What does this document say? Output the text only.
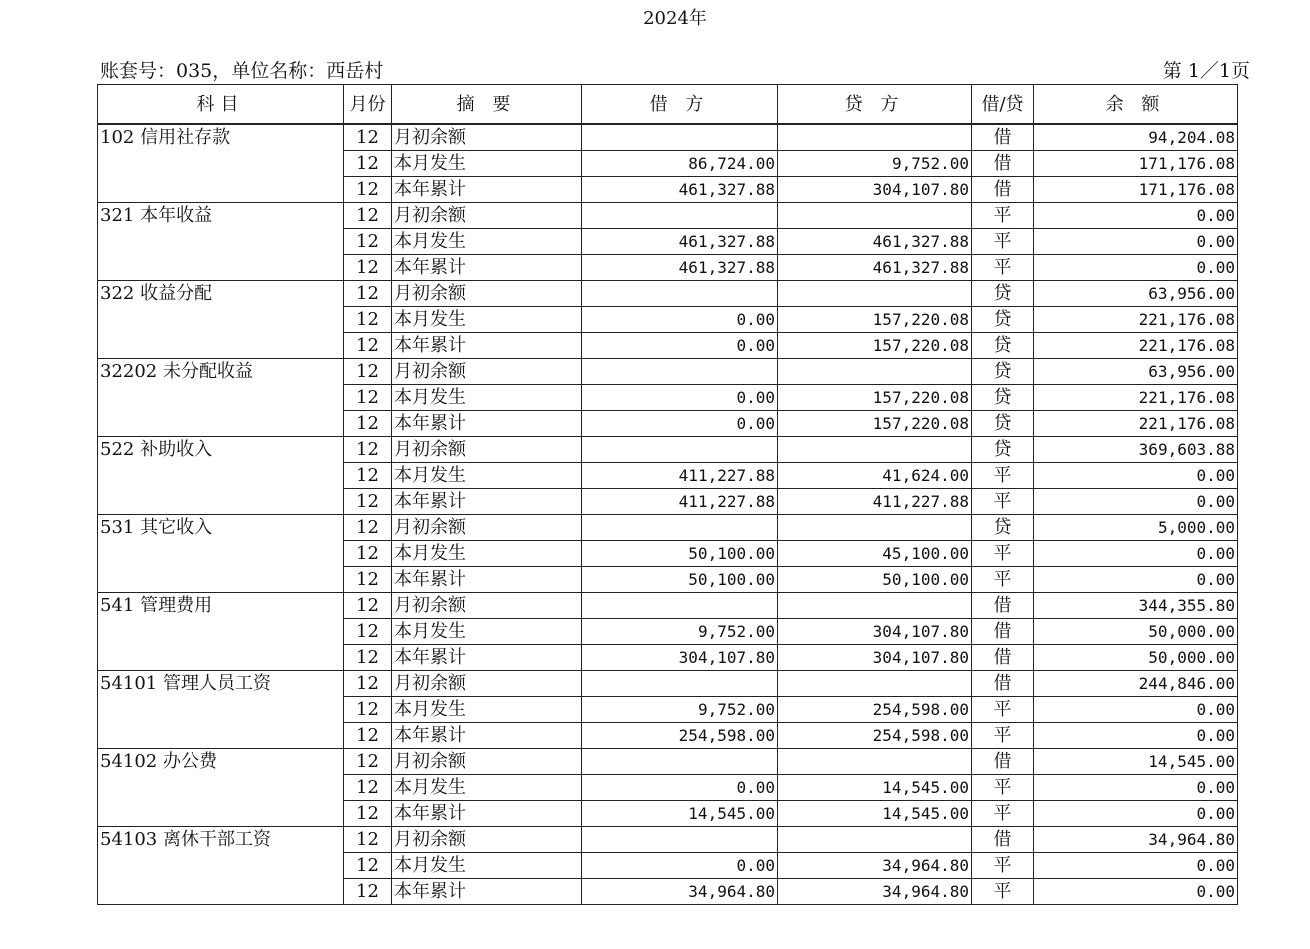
2024年
账套号：035，单位名称：西岳村	第 1／1页
科目	月份	摘 要	借 方	贷 方	借/贷	余 额
102 信用社存款	12	月初余额			借	94,204.08
	12	本月发生	86,724.00	9,752.00	借	171,176.08
	12	本年累计	461,327.88	304,107.80	借	171,176.08
321 本年收益	12	月初余额			平	0.00
	12	本月发生	461,327.88	461,327.88	平	0.00
	12	本年累计	461,327.88	461,327.88	平	0.00
322 收益分配	12	月初余额			贷	63,956.00
	12	本月发生	0.00	157,220.08	贷	221,176.08
	12	本年累计	0.00	157,220.08	贷	221,176.08
32202 未分配收益	12	月初余额			贷	63,956.00
	12	本月发生	0.00	157,220.08	贷	221,176.08
	12	本年累计	0.00	157,220.08	贷	221,176.08
522 补助收入	12	月初余额			贷	369,603.88
	12	本月发生	411,227.88	41,624.00	平	0.00
	12	本年累计	411,227.88	411,227.88	平	0.00
531 其它收入	12	月初余额			贷	5,000.00
	12	本月发生	50,100.00	45,100.00	平	0.00
	12	本年累计	50,100.00	50,100.00	平	0.00
541 管理费用	12	月初余额			借	344,355.80
	12	本月发生	9,752.00	304,107.80	借	50,000.00
	12	本年累计	304,107.80	304,107.80	借	50,000.00
54101 管理人员工资	12	月初余额			借	244,846.00
	12	本月发生	9,752.00	254,598.00	平	0.00
	12	本年累计	254,598.00	254,598.00	平	0.00
54102 办公费	12	月初余额			借	14,545.00
	12	本月发生	0.00	14,545.00	平	0.00
	12	本年累计	14,545.00	14,545.00	平	0.00
54103 离休干部工资	12	月初余额			借	34,964.80
	12	本月发生	0.00	34,964.80	平	0.00
	12	本年累计	34,964.80	34,964.80	平	0.00
